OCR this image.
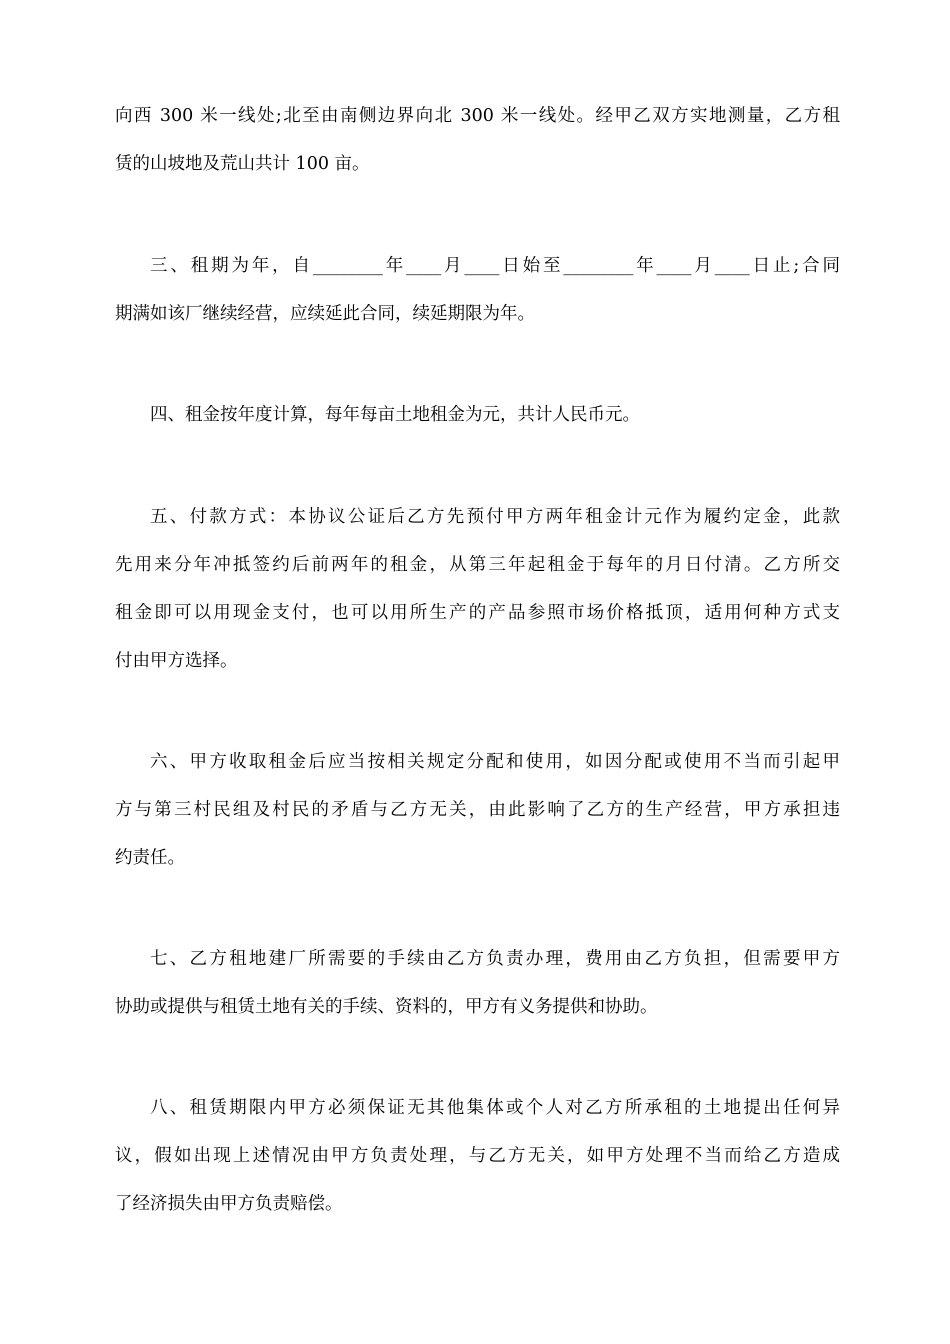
向西 300 米一线处;北至由南侧边界向北 300 米一线处。经甲乙双方实地测量，乙方租
赁的山坡地及荒山共计 100 亩。

三、租期为年，自________年____月____日始至________年____月____日止;合同
期满如该厂继续经营，应续延此合同，续延期限为年。

四、租金按年度计算，每年每亩土地租金为元，共计人民币元。

五、付款方式：本协议公证后乙方先预付甲方两年租金计元作为履约定金，此款
先用来分年冲抵签约后前两年的租金，从第三年起租金于每年的月日付清。乙方所交
租金即可以用现金支付，也可以用所生产的产品参照市场价格抵顶，适用何种方式支
付由甲方选择。

六、甲方收取租金后应当按相关规定分配和使用，如因分配或使用不当而引起甲
方与第三村民组及村民的矛盾与乙方无关，由此影响了乙方的生产经营，甲方承担违
约责任。

七、乙方租地建厂所需要的手续由乙方负责办理，费用由乙方负担，但需要甲方
协助或提供与租赁土地有关的手续、资料的，甲方有义务提供和协助。

八、租赁期限内甲方必须保证无其他集体或个人对乙方所承租的土地提出任何异
议，假如出现上述情况由甲方负责处理，与乙方无关，如甲方处理不当而给乙方造成
了经济损失由甲方负责赔偿。
